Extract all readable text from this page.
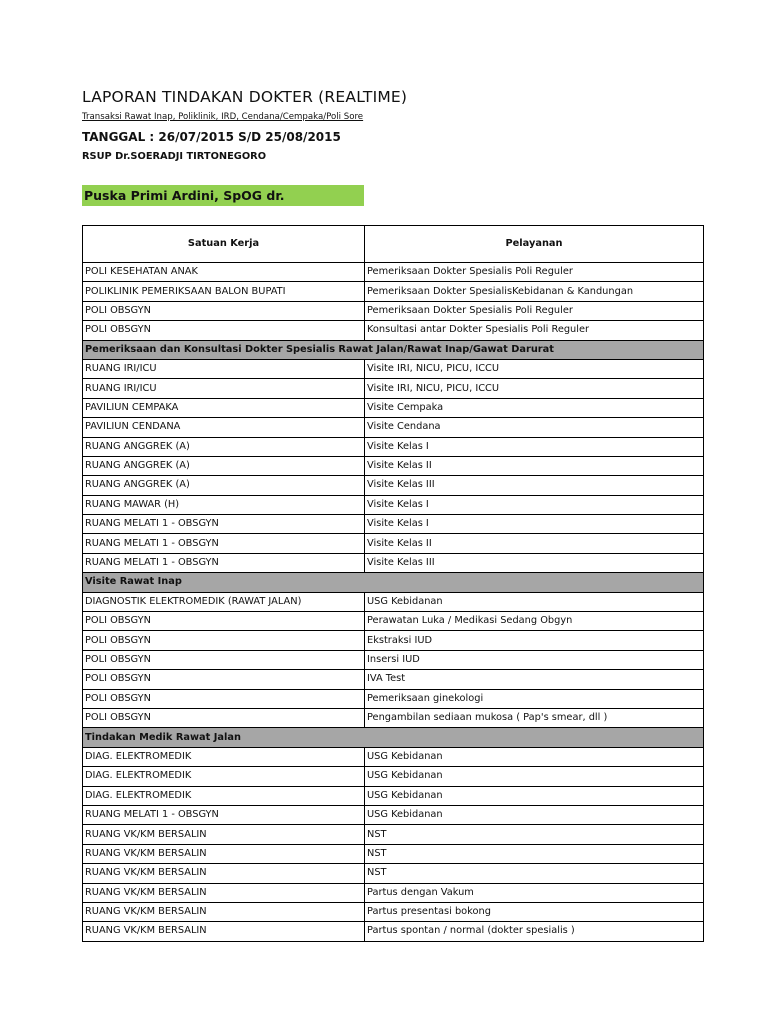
LAPORAN TINDAKAN DOKTER (REALTIME)
Transaksi Rawat Inap, Poliklinik, IRD, Cendana/Cempaka/Poli Sore
TANGGAL : 26/07/2015 S/D 25/08/2015
RSUP Dr.SOERADJI TIRTONEGORO
Puska Primi Ardini, SpOG dr.
Satuan Kerja	Pelayanan
POLI KESEHATAN ANAK	Pemeriksaan Dokter Spesialis Poli Reguler
POLIKLINIK PEMERIKSAAN BALON BUPATI	Pemeriksaan Dokter SpesialisKebidanan & Kandungan
POLI OBSGYN	Pemeriksaan Dokter Spesialis Poli Reguler
POLI OBSGYN	Konsultasi antar Dokter Spesialis Poli Reguler
Pemeriksaan dan Konsultasi Dokter Spesialis Rawat Jalan/Rawat Inap/Gawat Darurat	
RUANG IRI/ICU	Visite IRI, NICU, PICU, ICCU
RUANG IRI/ICU	Visite IRI, NICU, PICU, ICCU
PAVILIUN CEMPAKA	Visite Cempaka
PAVILIUN CENDANA	Visite Cendana
RUANG ANGGREK (A)	Visite Kelas I
RUANG ANGGREK (A)	Visite Kelas II
RUANG ANGGREK (A)	Visite Kelas III
RUANG MAWAR (H)	Visite Kelas I
RUANG MELATI 1 - OBSGYN	Visite Kelas I
RUANG MELATI 1 - OBSGYN	Visite Kelas II
RUANG MELATI 1 - OBSGYN	Visite Kelas III
Visite Rawat Inap	
DIAGNOSTIK ELEKTROMEDIK (RAWAT JALAN)	USG Kebidanan
POLI OBSGYN	Perawatan Luka / Medikasi Sedang Obgyn
POLI OBSGYN	Ekstraksi IUD
POLI OBSGYN	Insersi IUD
POLI OBSGYN	IVA Test
POLI OBSGYN	Pemeriksaan ginekologi
POLI OBSGYN	Pengambilan sediaan mukosa ( Pap's smear, dll )
Tindakan Medik Rawat Jalan	
DIAG. ELEKTROMEDIK	USG Kebidanan
DIAG. ELEKTROMEDIK	USG Kebidanan
DIAG. ELEKTROMEDIK	USG Kebidanan
RUANG MELATI 1 - OBSGYN	USG Kebidanan
RUANG VK/KM BERSALIN	NST
RUANG VK/KM BERSALIN	NST
RUANG VK/KM BERSALIN	NST
RUANG VK/KM BERSALIN	Partus dengan Vakum
RUANG VK/KM BERSALIN	Partus presentasi bokong
RUANG VK/KM BERSALIN	Partus spontan / normal (dokter spesialis )
